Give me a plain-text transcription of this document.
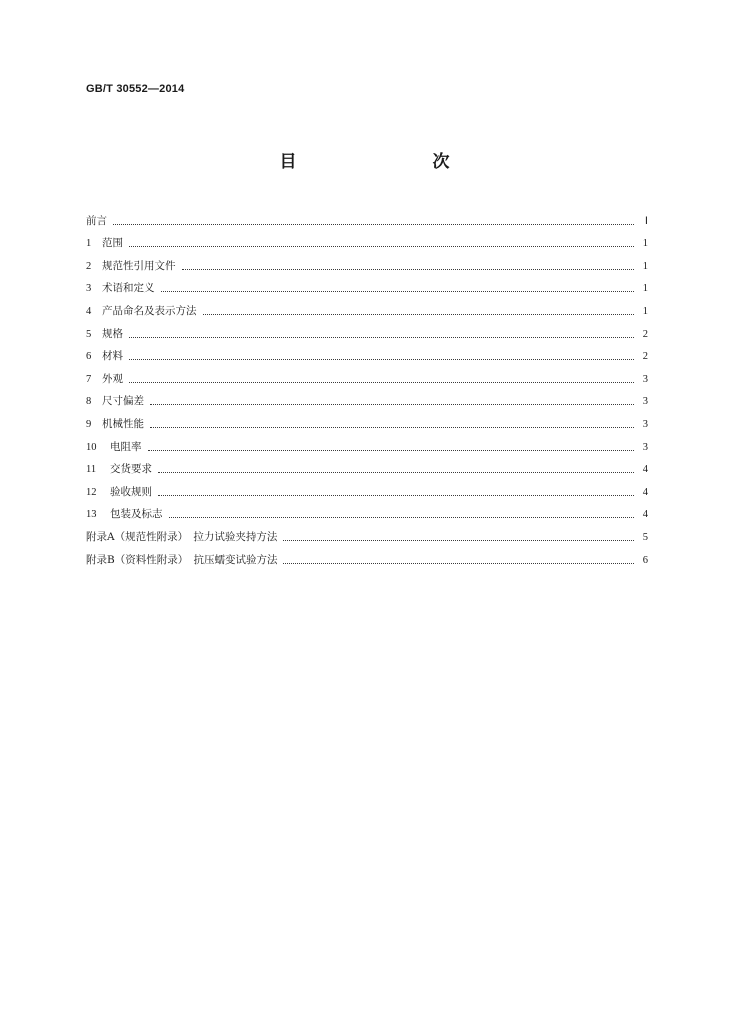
GB/T 30552—2014
目　　次
前言	Ⅰ
1 范围	1
2 规范性引用文件	1
3 术语和定义	1
4 产品命名及表示方法	1
5 规格	2
6 材料	2
7 外观	3
8 尺寸偏差	3
9 机械性能	3
10 电阻率	3
11 交货要求	4
12 验收规则	4
13 包装及标志	4
附录A（规范性附录）　拉力试验夹持方法	5
附录B（资料性附录）　抗压蠕变试验方法	6
